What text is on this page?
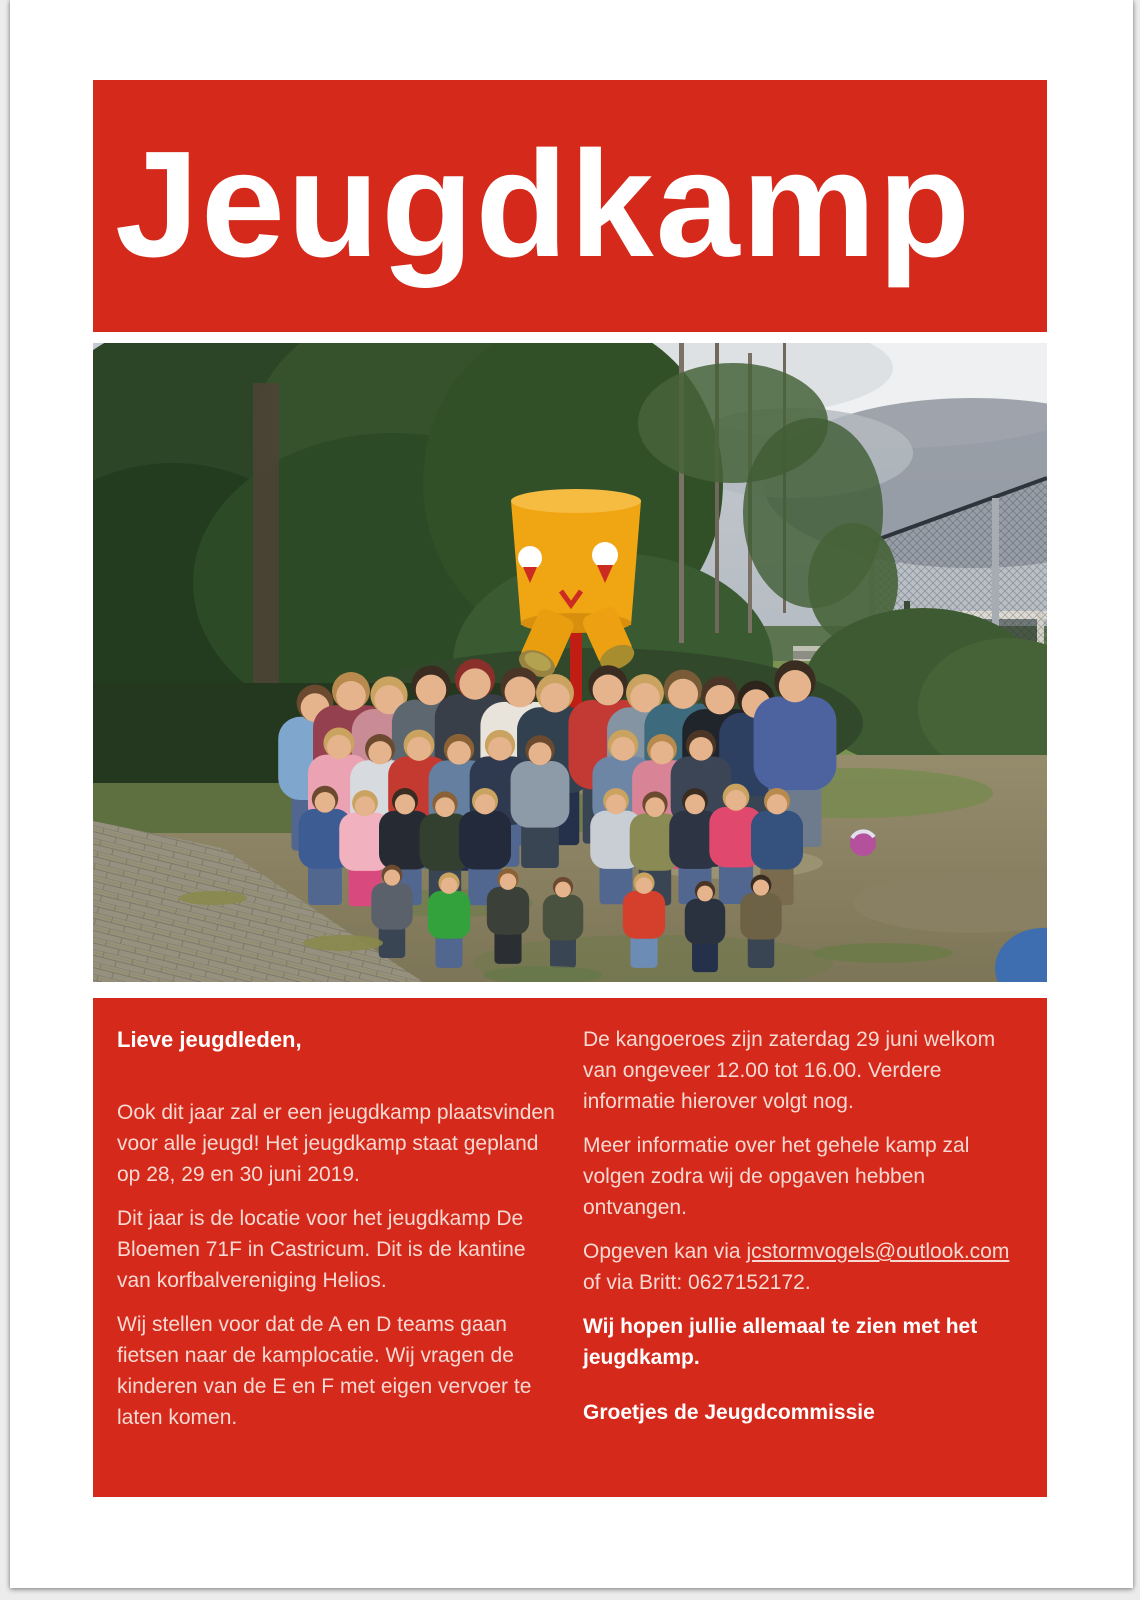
Jeugdkamp

Lieve jeugdleden,

Ook dit jaar zal er een jeugdkamp plaatsvinden voor alle jeugd! Het jeugdkamp staat gepland op 28, 29 en 30 juni 2019.

Dit jaar is de locatie voor het jeugdkamp De Bloemen 71F in Castricum. Dit is de kantine van korfbalvereniging Helios.

Wij stellen voor dat de A en D teams gaan fietsen naar de kamplocatie. Wij vragen de kinderen van de E en F met eigen vervoer te laten komen.

De kangoeroes zijn zaterdag 29 juni welkom van ongeveer 12.00 tot 16.00. Verdere informatie hierover volgt nog.

Meer informatie over het gehele kamp zal volgen zodra wij de opgaven hebben ontvangen.

Opgeven kan via jcstormvogels@outlook.com of via Britt: 0627152172.

Wij hopen jullie allemaal te zien met het jeugdkamp.

Groetjes de Jeugdcommissie
